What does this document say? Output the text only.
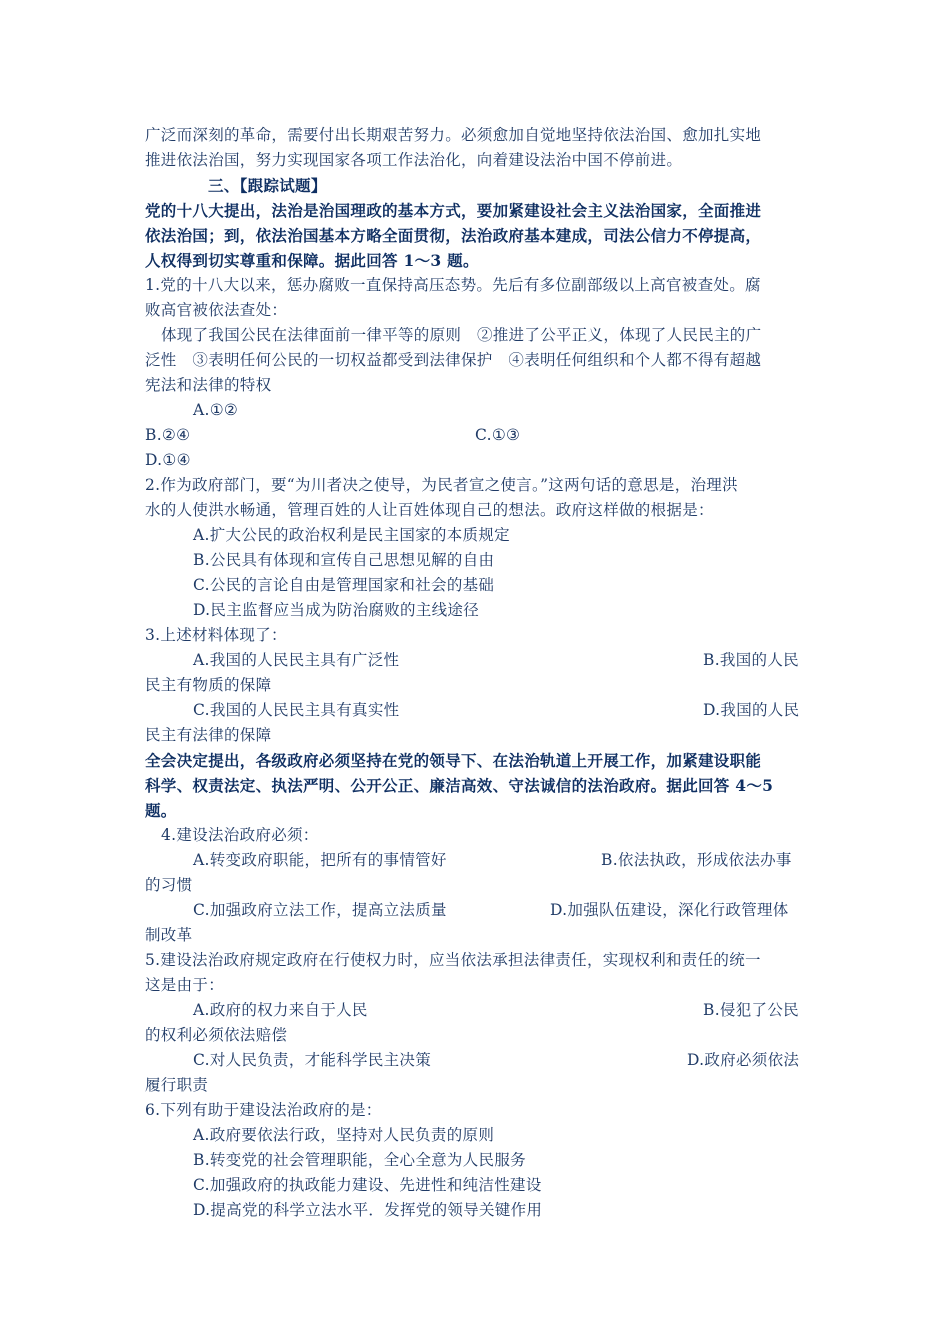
广泛而深刻的革命，需要付出长期艰苦努力。必须愈加自觉地坚持依法治国、愈加扎实地
推进依法治国，努力实现国家各项工作法治化，向着建设法治中国不停前进。
三、【跟踪试题】
党的十八大提出，法治是治国理政的基本方式，要加紧建设社会主义法治国家，全面推进
依法治国；到，依法治国基本方略全面贯彻，法治政府基本建成，司法公信力不停提高，
人权得到切实尊重和保障。据此回答 1～3 题。
1.党的十八大以来，惩办腐败一直保持高压态势。先后有多位副部级以上高官被查处。腐
败高官被依法查处：
体现了我国公民在法律面前一律平等的原则　②推进了公平正义，体现了人民民主的广
泛性　③表明任何公民的一切权益都受到法律保护　④表明任何组织和个人都不得有超越
宪法和法律的特权
A.①②
B.②④	C.①③
D.①④
2.作为政府部门，要“为川者决之使导，为民者宣之使言。”这两句话的意思是，治理洪
水的人使洪水畅通，管理百姓的人让百姓体现自己的想法。政府这样做的根据是：
A.扩大公民的政治权利是民主国家的本质规定
B.公民具有体现和宣传自己思想见解的自由
C.公民的言论自由是管理国家和社会的基础
D.民主监督应当成为防治腐败的主线途径
3.上述材料体现了：
A.我国的人民民主具有广泛性	B.我国的人民
民主有物质的保障
C.我国的人民民主具有真实性	D.我国的人民
民主有法律的保障
全会决定提出，各级政府必须坚持在党的领导下、在法治轨道上开展工作，加紧建设职能
科学、权责法定、执法严明、公开公正、廉洁高效、守法诚信的法治政府。据此回答 4～5
题。
4.建设法治政府必须：
A.转变政府职能，把所有的事情管好	B.依法执政，形成依法办事
的习惯
C.加强政府立法工作，提高立法质量	D.加强队伍建设，深化行政管理体
制改革
5.建设法治政府规定政府在行使权力时，应当依法承担法律责任，实现权利和责任的统一
这是由于：
A.政府的权力来自于人民	B.侵犯了公民
的权利必须依法赔偿
C.对人民负责，才能科学民主决策	D.政府必须依法
履行职责
6.下列有助于建设法治政府的是：
A.政府要依法行政，坚持对人民负责的原则
B.转变党的社会管理职能，全心全意为人民服务
C.加强政府的执政能力建设、先进性和纯洁性建设
D.提高党的科学立法水平．发挥党的领导关键作用
